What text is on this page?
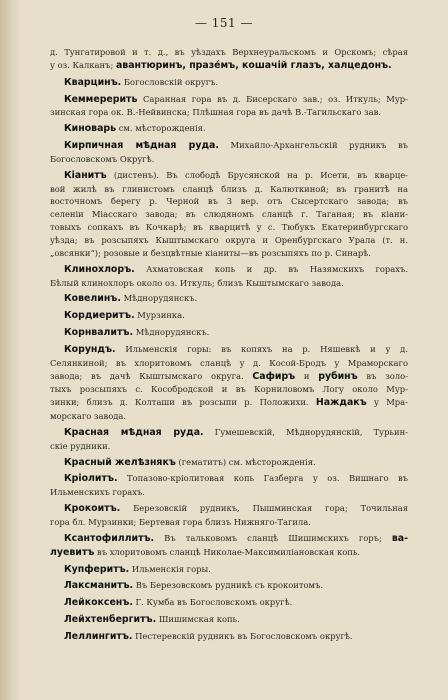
— 151 —
д. Тунгатировой и т. д., въ уѣздахъ Верхнеуральскомъ и Орскомъ; сѣрая
у оз. Калканъ; авантюринъ, празе́мъ, кошачій глазъ, халцедонъ.
Кварцинъ. Богословскій округъ.
Кеммерерить Саранная гора въ д. Бисерскаго зав.; оз. Иткуль; Мур-
зинская гора ок. В.-Нейвинска; Плѣшная гора въ дачѣ В.-Тагильскаго зав.
Киноварь см. мѣсторожденія.
Кирпичная мѣдная руда. Михайло-Архангельскій рудникъ въ
Богословскомъ Округѣ.
Кіанитъ (дистенъ). Въ слободѣ Брусянской на р. Исети, въ кварце-
вой жилѣ въ глинистомъ сланцѣ близъ д. Калюткиной; въ гранитѣ на
восточномъ берегу р. Черной въ 3 вер. отъ Сысертскаго завода; въ
селеніи Міасскаго завода; въ слюдяномъ сланцѣ г. Таганая; въ кіани-
товыхъ сопкахъ въ Кочкарѣ; въ кварцитѣ у с. Тюбукъ Екатеринбургскаго
уѣзда; въ розсыпяхъ Кыштымскаго округа и Оренбургскаго Урала (т. н.
„овсянки“); розовые и безцвѣтные кіаниты—въ розсыпяхъ по р. Синарѣ.
Клинохлоръ. Ахматовская копь и др. въ Назямскихъ горахъ.
Бѣлый клинохлоръ около оз. Иткуль; близъ Кыштымскаго завода.
Ковелинъ. Мѣднорудянскъ.
Кордиеритъ. Мурзинка.
Корнвалитъ. Мѣднорудянскъ.
Корундъ. Ильменскія горы: въ копяхъ на р. Няшевкѣ и у д.
Селянкиной; въ хлоритовомъ сланцѣ у д. Косой-Бродъ у Мраморскаго
завода; въ дачѣ Кыштымскаго округа. Сафиръ и рубинъ въ золо-
тыхъ розсыпяхъ с. Кособродской и въ Корниловомъ Логу около Мур-
зинки; близъ д. Колташи въ розсыпи р. Положихи. Наждакъ у Мра-
морскаго завода.
Красная мѣдная руда. Гумешевскій, Мѣднорудянскій, Турьин-
скіе рудники.
Красный желѣзнякъ (гематитъ) см. мѣсторожденія.
Кріолитъ. Топазово-кріолитовая копь Газберга у оз. Вишнаго въ
Ильменскихъ горахъ.
Крокоитъ. Березовскій рудникъ, Пышминская гора; Точильная
гора бл. Мурзинки; Бертевая гора близъ Нижняго-Тагила.
Ксантофиллитъ. Въ тальковомъ сланцѣ Шишимскихъ горъ; ва-
луевитъ въ хлоритовомъ сланцѣ Николае-Максимиліановская копь.
Купферитъ. Ильменскія горы.
Лаксманитъ. Въ Березовскомъ рудникѣ съ крокоитомъ.
Лейкоксенъ. Г. Кумба въ Богословскомъ округѣ.
Лейхтенбергитъ. Шишимская копь.
Леллингитъ. Пестеревскій рудникъ въ Богословскомъ округѣ.
